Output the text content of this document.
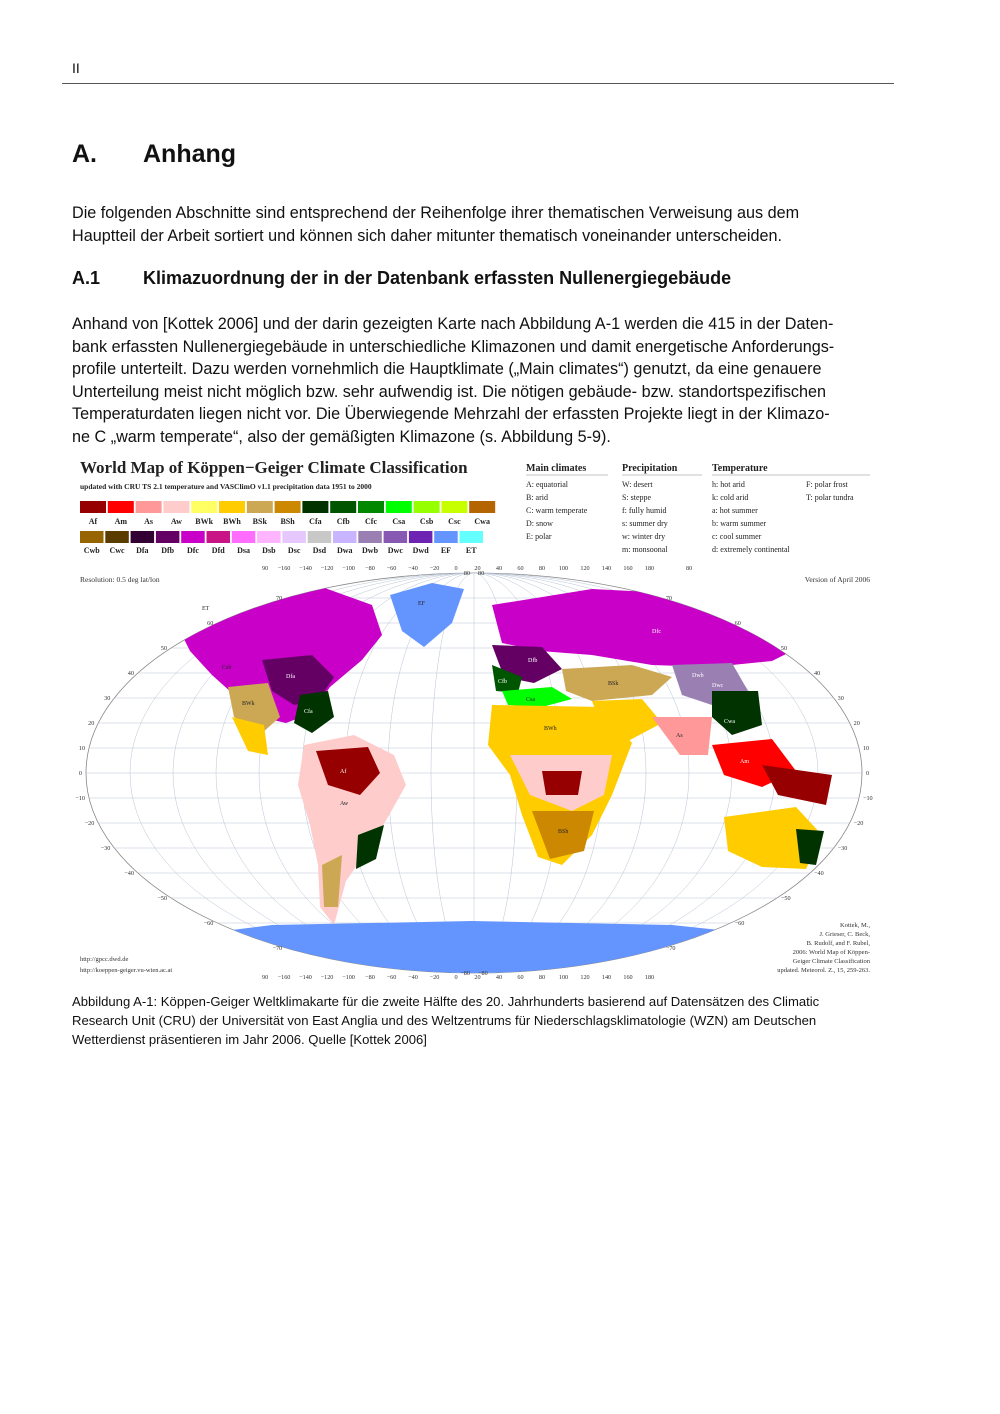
II
A. Anhang
Die folgenden Abschnitte sind entsprechend der Reihenfolge ihrer thematischen Verweisung aus dem
Hauptteil der Arbeit sortiert und können sich daher mitunter thematisch voneinander unterscheiden.
A.1 Klimazuordnung der in der Datenbank erfassten Nullenergiegebäude
Anhand von [Kottek 2006] und der darin gezeigten Karte nach Abbildung A-1 werden die 415 in der Daten-
bank erfassten Nullenergiegebäude in unterschiedliche Klimazonen und damit energetische Anforderungs-
profile unterteilt. Dazu werden vornehmlich die Hauptklimate („Main climates“) genutzt, da eine genauere
Unterteilung meist nicht möglich bzw. sehr aufwendig ist. Die nötigen gebäude- bzw. standortspezifischen
Temperaturdaten liegen nicht vor. Die Überwiegende Mehrzahl der erfassten Projekte liegt in der Klimazo-
ne C „warm temperate“, also der gemäßigten Klimazone (s. Abbildung 5-9).
World Map of Köppen−Geiger Climate Classification
updated with CRU TS 2.1 temperature and VASClimO v1.1 precipitation data 1951 to 2000
Af Am As Aw BWk BWh BSk BSh Cfa Cfb Cfc Csa Csb Csc Cwa
Cwb Cwc Dfa Dfb Dfc Dfd Dsa Dsb Dsc Dsd Dwa Dwb Dwc Dwd EF ET
Main climates
A: equatorial
B: arid
C: warm temperate
D: snow
E: polar
Precipitation
W: desert
S: steppe
f: fully humid
s: summer dry
w: winter dry
m: monsoonal
Temperature
h: hot arid
k: cold arid
a: hot summer
b: warm summer
c: cool summer
d: extremely continental
F: polar frost
T: polar tundra
Resolution: 0.5 deg lat/lon	Version of April 2006
EF
ET
Dfb
Dfc
Dfd
Dfa
Cfa
Cfb
Csb
BWk
BWh
BSk
BSh
Aw
Am
Af
As
Cwa
Dwc
Dwb
Dwd
Csa
−160 −140 −120 −100 −80 −60 −40 −20 0	20 40 60 80 100 120 140 160 180
−160 −140 −120 −100 −80 −60 −40 −20 0	20 40 60 80 100 120 140 160 180
80
70
60
50
40
30
20
10
0
−10
−20
−30
−40
−50
−60
−70
−80
80
70
60
50
40
30
20
10
0
−10
−20
−30
−40
−50
−60
−70
−80
90
90
80
http://gpcc.dwd.de
http://koeppen-geiger.vu-wien.ac.at
Kottek, M.,
J. Grieser, C. Beck,
B. Rudolf, and F. Rubel,
2006: World Map of Köppen-
Geiger Climate Classification
updated. Meteorol. Z., 15, 259-263.
Abbildung A-1: Köppen-Geiger Weltklimakarte für die zweite Hälfte des 20. Jahrhunderts basierend auf Datensätzen des Climatic
Research Unit (CRU) der Universität von East Anglia und des Weltzentrums für Niederschlagsklimatologie (WZN) am Deutschen
Wetterdienst präsentieren im Jahr 2006. Quelle [Kottek 2006]
